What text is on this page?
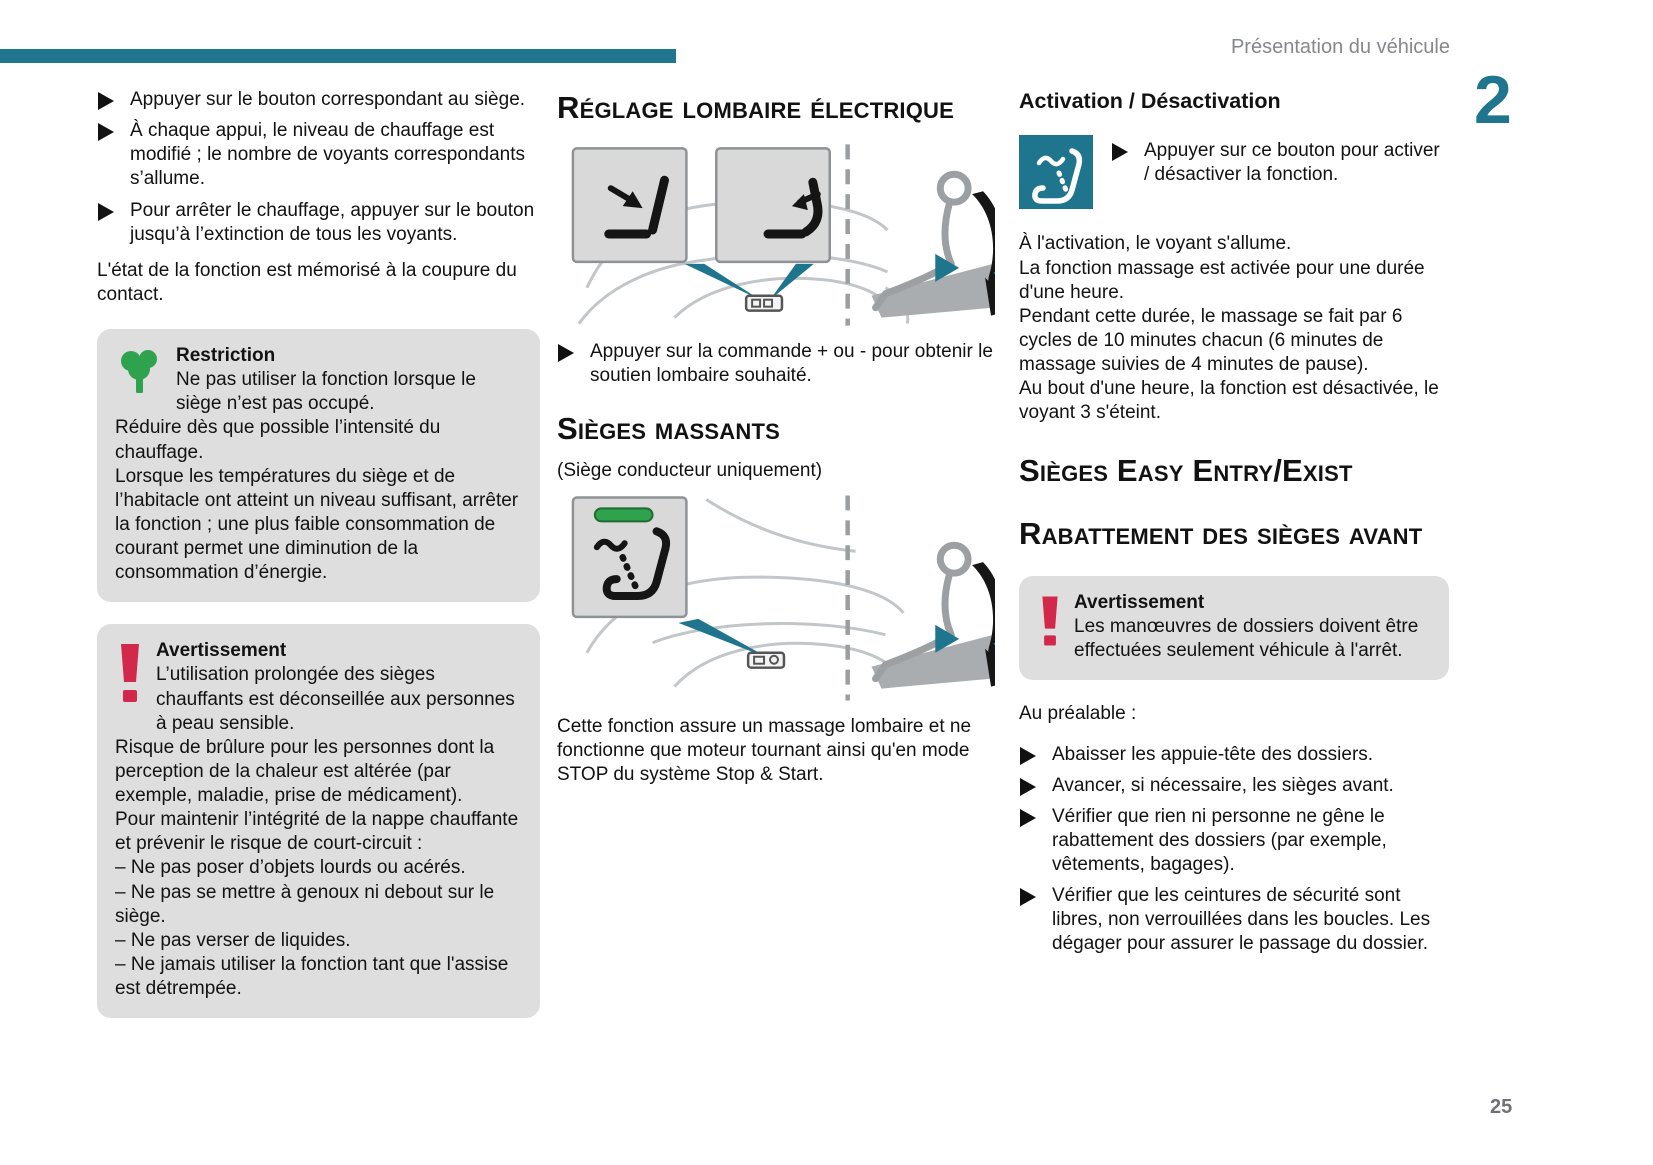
Présentation du véhicule
2
Appuyer sur le bouton correspondant au siège.
À chaque appui, le niveau de chauffage est modifié ; le nombre de voyants correspondants s’allume.
Pour arrêter le chauffage, appuyer sur le bouton jusqu’à l’extinction de tous les voyants.

L'état de la fonction est mémorisé à la coupure du contact.

Restriction

Ne pas utiliser la fonction lorsque le siège n’est pas occupé.

Réduire dès que possible l’intensité du chauffage.

Lorsque les températures du siège et de l’habitacle ont atteint un niveau suffisant, arrêter la fonction ; une plus faible consommation de courant permet une diminution de la consommation d’énergie.

Avertissement

L’utilisation prolongée des sièges chauffants est déconseillée aux personnes à peau sensible.

Risque de brûlure pour les personnes dont la perception de la chaleur est altérée (par exemple, maladie, prise de médicament).

Pour maintenir l’intégrité de la nappe chauffante et prévenir le risque de court-circuit :

– Ne pas poser d’objets lourds ou acérés.

– Ne pas se mettre à genoux ni debout sur le siège.

– Ne pas verser de liquides.

– Ne jamais utiliser la fonction tant que l'assise est détrempée.

Réglage lombaire électrique
Appuyer sur la commande + ou - pour obtenir le soutien lombaire souhaité.
Sièges massants

(Siège conducteur uniquement)

Cette fonction assure un massage lombaire et ne fonctionne que moteur tournant ainsi qu'en mode STOP du système Stop & Start.

Activation / Désactivation
Appuyer sur ce bouton pour activer / désactiver la fonction.

À l'activation, le voyant s'allume.

La fonction massage est activée pour une durée d'une heure.

Pendant cette durée, le massage se fait par 6 cycles de 10 minutes chacun (6 minutes de massage suivies de 4 minutes de pause).

Au bout d'une heure, la fonction est désactivée, le voyant 3 s'éteint.

Sièges Easy Entry/Exist
Rabattement des sièges avant
Avertissement

Les manœuvres de dossiers doivent être effectuées seulement véhicule à l'arrêt.

Au préalable :

Abaisser les appuie-tête des dossiers.
Avancer, si nécessaire, les sièges avant.
Vérifier que rien ni personne ne gêne le rabattement des dossiers (par exemple, vêtements, bagages).
Vérifier que les ceintures de sécurité sont libres, non verrouillées dans les boucles. Les dégager pour assurer le passage du dossier.
25
